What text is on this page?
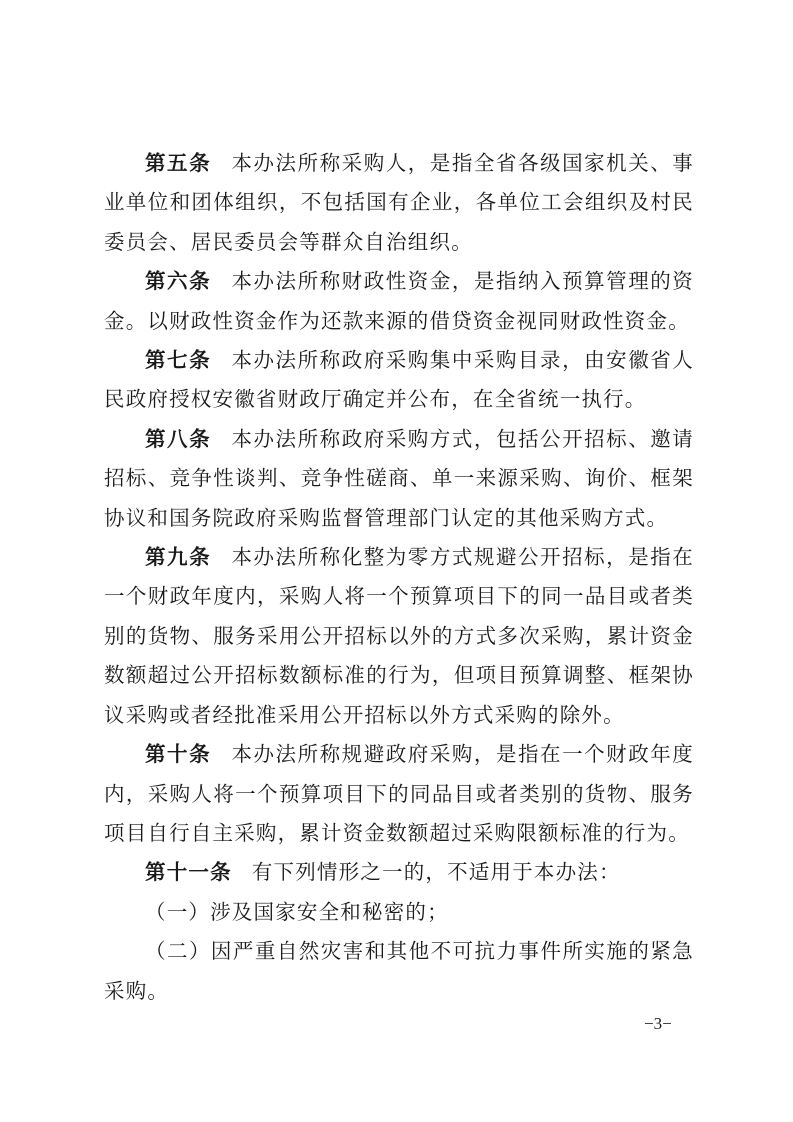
第五条 本办法所称采购人，是指全省各级国家机关、事业单位和团体组织，不包括国有企业，各单位工会组织及村民委员会、居民委员会等群众自治组织。

第六条 本办法所称财政性资金，是指纳入预算管理的资金。以财政性资金作为还款来源的借贷资金视同财政性资金。

第七条 本办法所称政府采购集中采购目录，由安徽省人民政府授权安徽省财政厅确定并公布，在全省统一执行。

第八条 本办法所称政府采购方式，包括公开招标、邀请招标、竞争性谈判、竞争性磋商、单一来源采购、询价、框架协议和国务院政府采购监督管理部门认定的其他采购方式。

第九条 本办法所称化整为零方式规避公开招标，是指在一个财政年度内，采购人将一个预算项目下的同一品目或者类别的货物、服务采用公开招标以外的方式多次采购，累计资金数额超过公开招标数额标准的行为，但项目预算调整、框架协议采购或者经批准采用公开招标以外方式采购的除外。

第十条 本办法所称规避政府采购，是指在一个财政年度内，采购人将一个预算项目下的同品目或者类别的货物、服务项目自行自主采购，累计资金数额超过采购限额标准的行为。

第十一条 有下列情形之一的，不适用于本办法：

（一）涉及国家安全和秘密的；

（二）因严重自然灾害和其他不可抗力事件所实施的紧急采购。

−3−
